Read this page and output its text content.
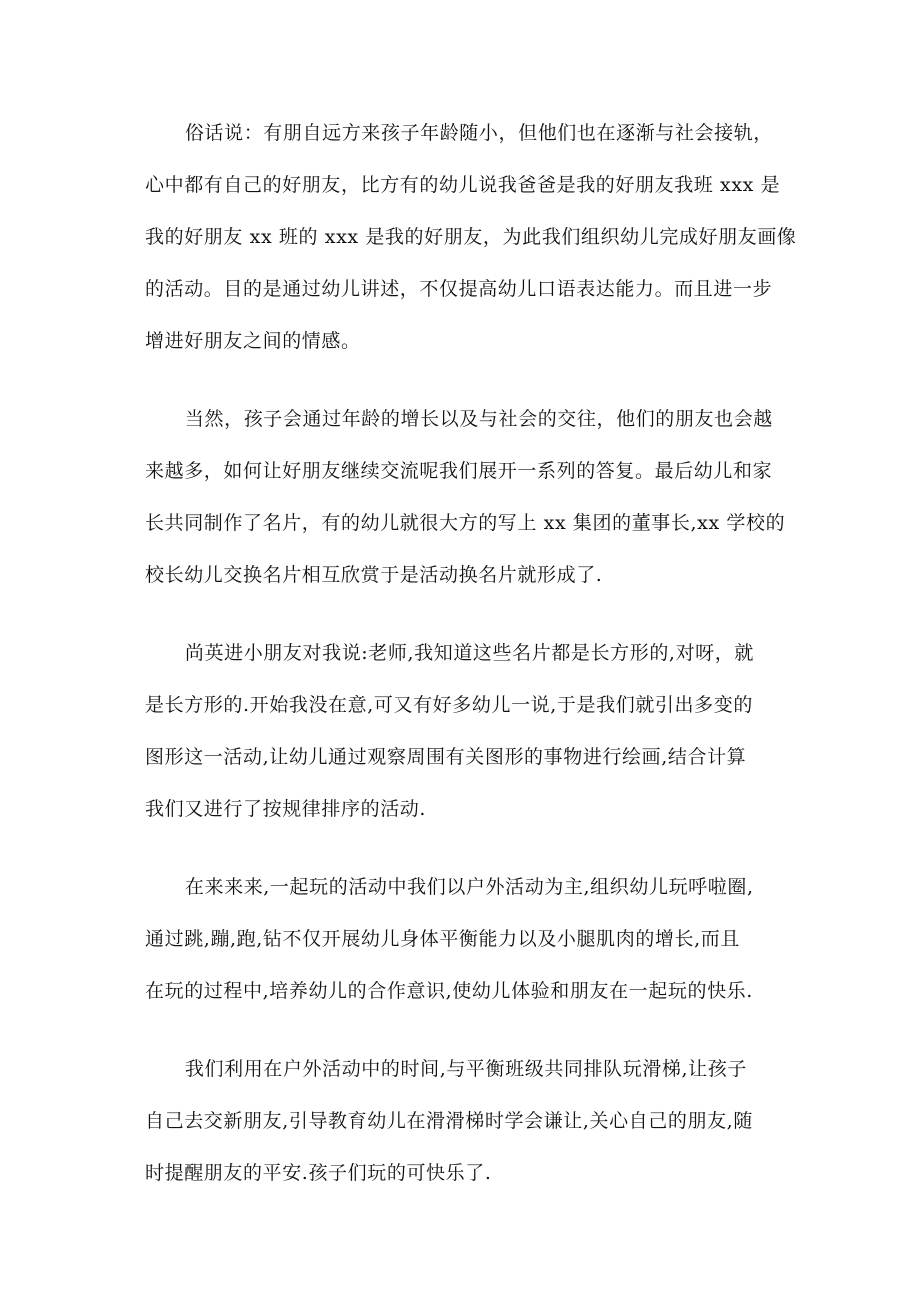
俗话说：有朋自远方来孩子年龄随小，但他们也在逐渐与社会接轨，
心中都有自己的好朋友，比方有的幼儿说我爸爸是我的好朋友我班 xxx 是
我的好朋友 xx 班的 xxx 是我的好朋友，为此我们组织幼儿完成好朋友画像
的活动。目的是通过幼儿讲述，不仅提高幼儿口语表达能力。而且进一步
增进好朋友之间的情感。

当然，孩子会通过年龄的增长以及与社会的交往，他们的朋友也会越
来越多，如何让好朋友继续交流呢我们展开一系列的答复。最后幼儿和家
长共同制作了名片，有的幼儿就很大方的写上 xx 集团的董事长,xx 学校的
校长幼儿交换名片相互欣赏于是活动换名片就形成了.

尚英进小朋友对我说:老师,我知道这些名片都是长方形的,对呀，就
是长方形的.开始我没在意,可又有好多幼儿一说,于是我们就引出多变的
图形这一活动,让幼儿通过观察周围有关图形的事物进行绘画,结合计算
我们又进行了按规律排序的活动.

在来来来,一起玩的活动中我们以户外活动为主,组织幼儿玩呼啦圈,
通过跳,蹦,跑,钻不仅开展幼儿身体平衡能力以及小腿肌肉的增长,而且
在玩的过程中,培养幼儿的合作意识,使幼儿体验和朋友在一起玩的快乐.

我们利用在户外活动中的时间,与平衡班级共同排队玩滑梯,让孩子
自己去交新朋友,引导教育幼儿在滑滑梯时学会谦让,关心自己的朋友,随
时提醒朋友的平安.孩子们玩的可快乐了.
